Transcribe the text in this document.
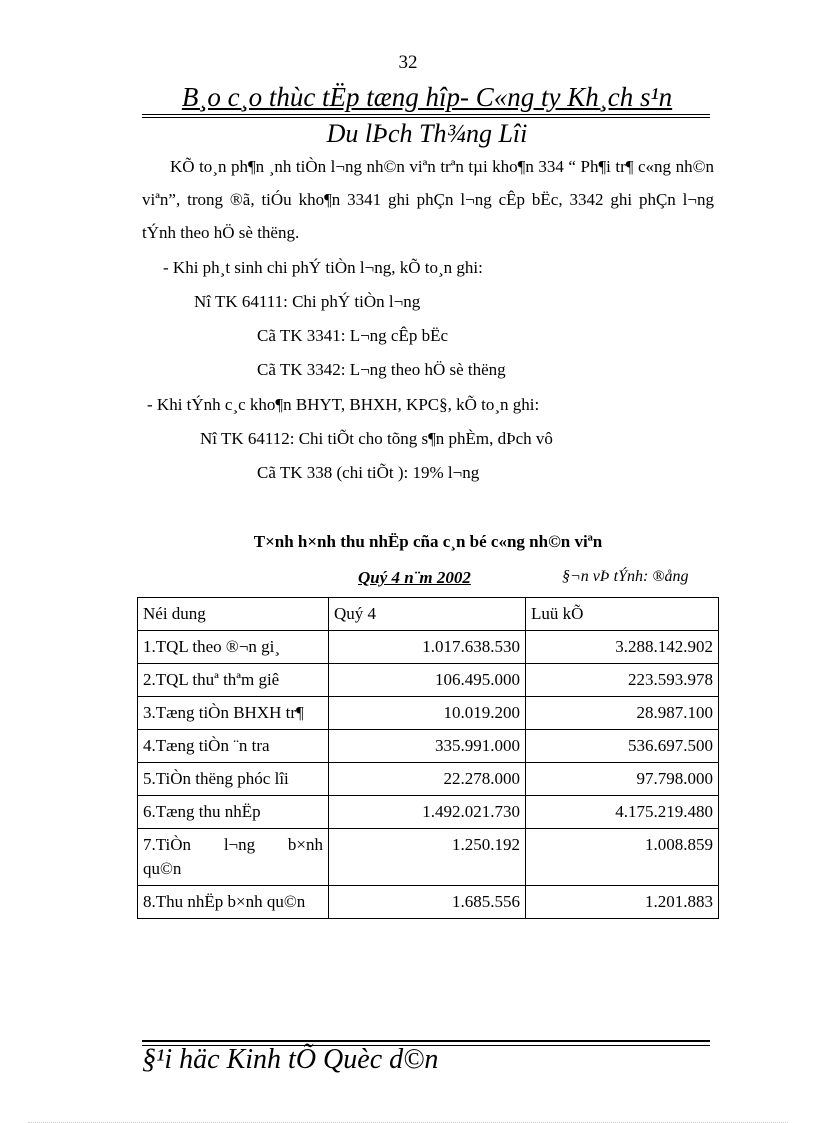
32
B¸o c¸o thùc tËp tæng hîp- C«ng ty Kh¸ch s¹n
Du lÞch Th¾ng Lîi
KÕ to¸n ph¶n ¸nh tiÒn l¬ng nh©n viªn trªn tµi kho¶n 334 “ Ph¶i tr¶ c«ng nh©n viªn”, trong ®ã, tiÓu kho¶n 3341 ghi phÇn l¬ng cÊp bËc, 3342 ghi phÇn l¬ng tÝnh theo hÖ sè thëng.
- Khi ph¸t sinh chi phÝ tiÒn l¬ng, kÕ to¸n ghi:
Nî TK 64111: Chi phÝ tiÒn l¬ng
Cã TK 3341: L¬ng cÊp bËc
Cã TK 3342: L¬ng theo hÖ sè thëng
- Khi tÝnh c¸c kho¶n BHYT, BHXH, KPC§, kÕ to¸n ghi:
Nî TK 64112: Chi tiÕt cho tõng s¶n phÈm, dÞch vô
Cã TK 338 (chi tiÕt ): 19% l¬ng
T×nh h×nh thu nhËp cña c¸n bé c«ng nh©n viªn
Quý 4 n¨m 2002	§¬n vÞ tÝnh: ®ång
Néi dung	Quý 4	Luü kÕ
1.TQL theo ®¬n gi¸	1.017.638.530	3.288.142.902
2.TQL thuª thªm giê	106.495.000	223.593.978
3.Tæng tiÒn BHXH tr¶	10.019.200	28.987.100
4.Tæng tiÒn ¨n tra	335.991.000	536.697.500
5.TiÒn thëng phóc lîi	22.278.000	97.798.000
6.Tæng thu nhËp	1.492.021.730	4.175.219.480

7.TiÒn l¬ng b×nh
qu©n	1.250.192	1.008.859
8.Thu nhËp b×nh qu©n	1.685.556	1.201.883
§¹i häc Kinh tÕ Quèc d©n
